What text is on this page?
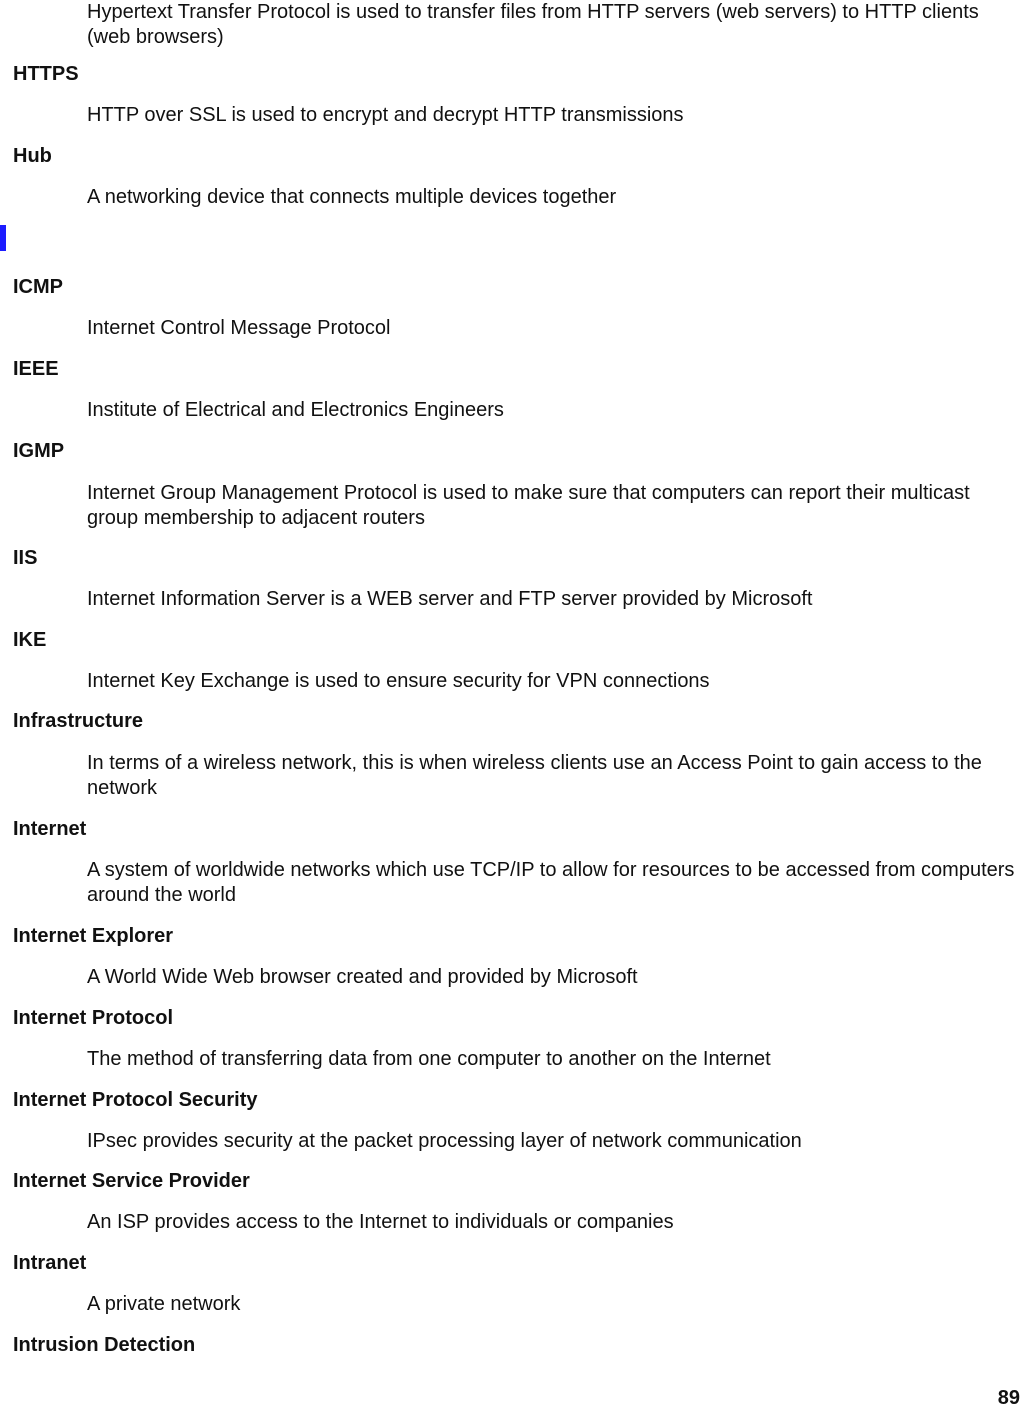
Hypertext Transfer Protocol is used to transfer files from HTTP servers (web servers) to HTTP clients (web browsers)
HTTPS
HTTP over SSL is used to encrypt and decrypt HTTP transmissions
Hub
A networking device that connects multiple devices together
ICMP
Internet Control Message Protocol
IEEE
Institute of Electrical and Electronics Engineers
IGMP
Internet Group Management Protocol is used to make sure that computers can report their multicast group membership to adjacent routers
IIS
Internet Information Server is a WEB server and FTP server provided by Microsoft
IKE
Internet Key Exchange is used to ensure security for VPN connections
Infrastructure
In terms of a wireless network, this is when wireless clients use an Access Point to gain access to the network
Internet
A system of worldwide networks which use TCP/IP to allow for resources to be accessed from computers around the world
Internet Explorer
A World Wide Web browser created and provided by Microsoft
Internet Protocol
The method of transferring data from one computer to another on the Internet
Internet Protocol Security
IPsec provides security at the packet processing layer of network communication
Internet Service Provider
An ISP provides access to the Internet to individuals or companies
Intranet
A private network
Intrusion Detection
89
